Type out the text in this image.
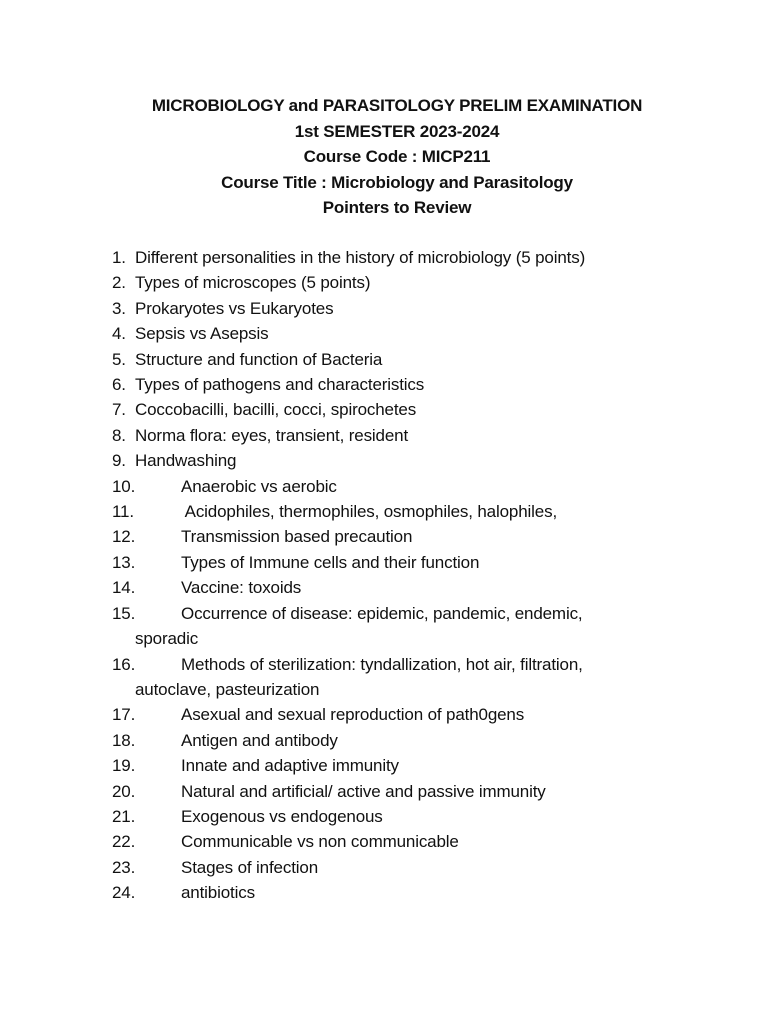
MICROBIOLOGY and PARASITOLOGY PRELIM EXAMINATION
1st SEMESTER 2023-2024
Course Code : MICP211
Course Title : Microbiology and Parasitology
Pointers to Review
1. Different personalities in the history of microbiology (5 points)
2. Types of microscopes (5 points)
3. Prokaryotes vs Eukaryotes
4. Sepsis vs Asepsis
5. Structure and function of Bacteria
6. Types of pathogens and characteristics
7. Coccobacilli, bacilli, cocci, spirochetes
8. Norma flora: eyes, transient, resident
9. Handwashing
10.	Anaerobic vs aerobic
11.	Acidophiles, thermophiles, osmophiles, halophiles,
12.	Transmission based precaution
13.	Types of Immune cells and their function
14.	Vaccine: toxoids
15.	Occurrence of disease: epidemic, pandemic, endemic,
sporadic
16.	Methods of sterilization: tyndallization, hot air, filtration,
autoclave, pasteurization
17.	Asexual and sexual reproduction of path0gens
18.	Antigen and antibody
19.	Innate and adaptive immunity
20.	Natural and artificial/ active and passive immunity
21.	Exogenous vs endogenous
22.	Communicable vs non communicable
23.	Stages of infection
24.	antibiotics
